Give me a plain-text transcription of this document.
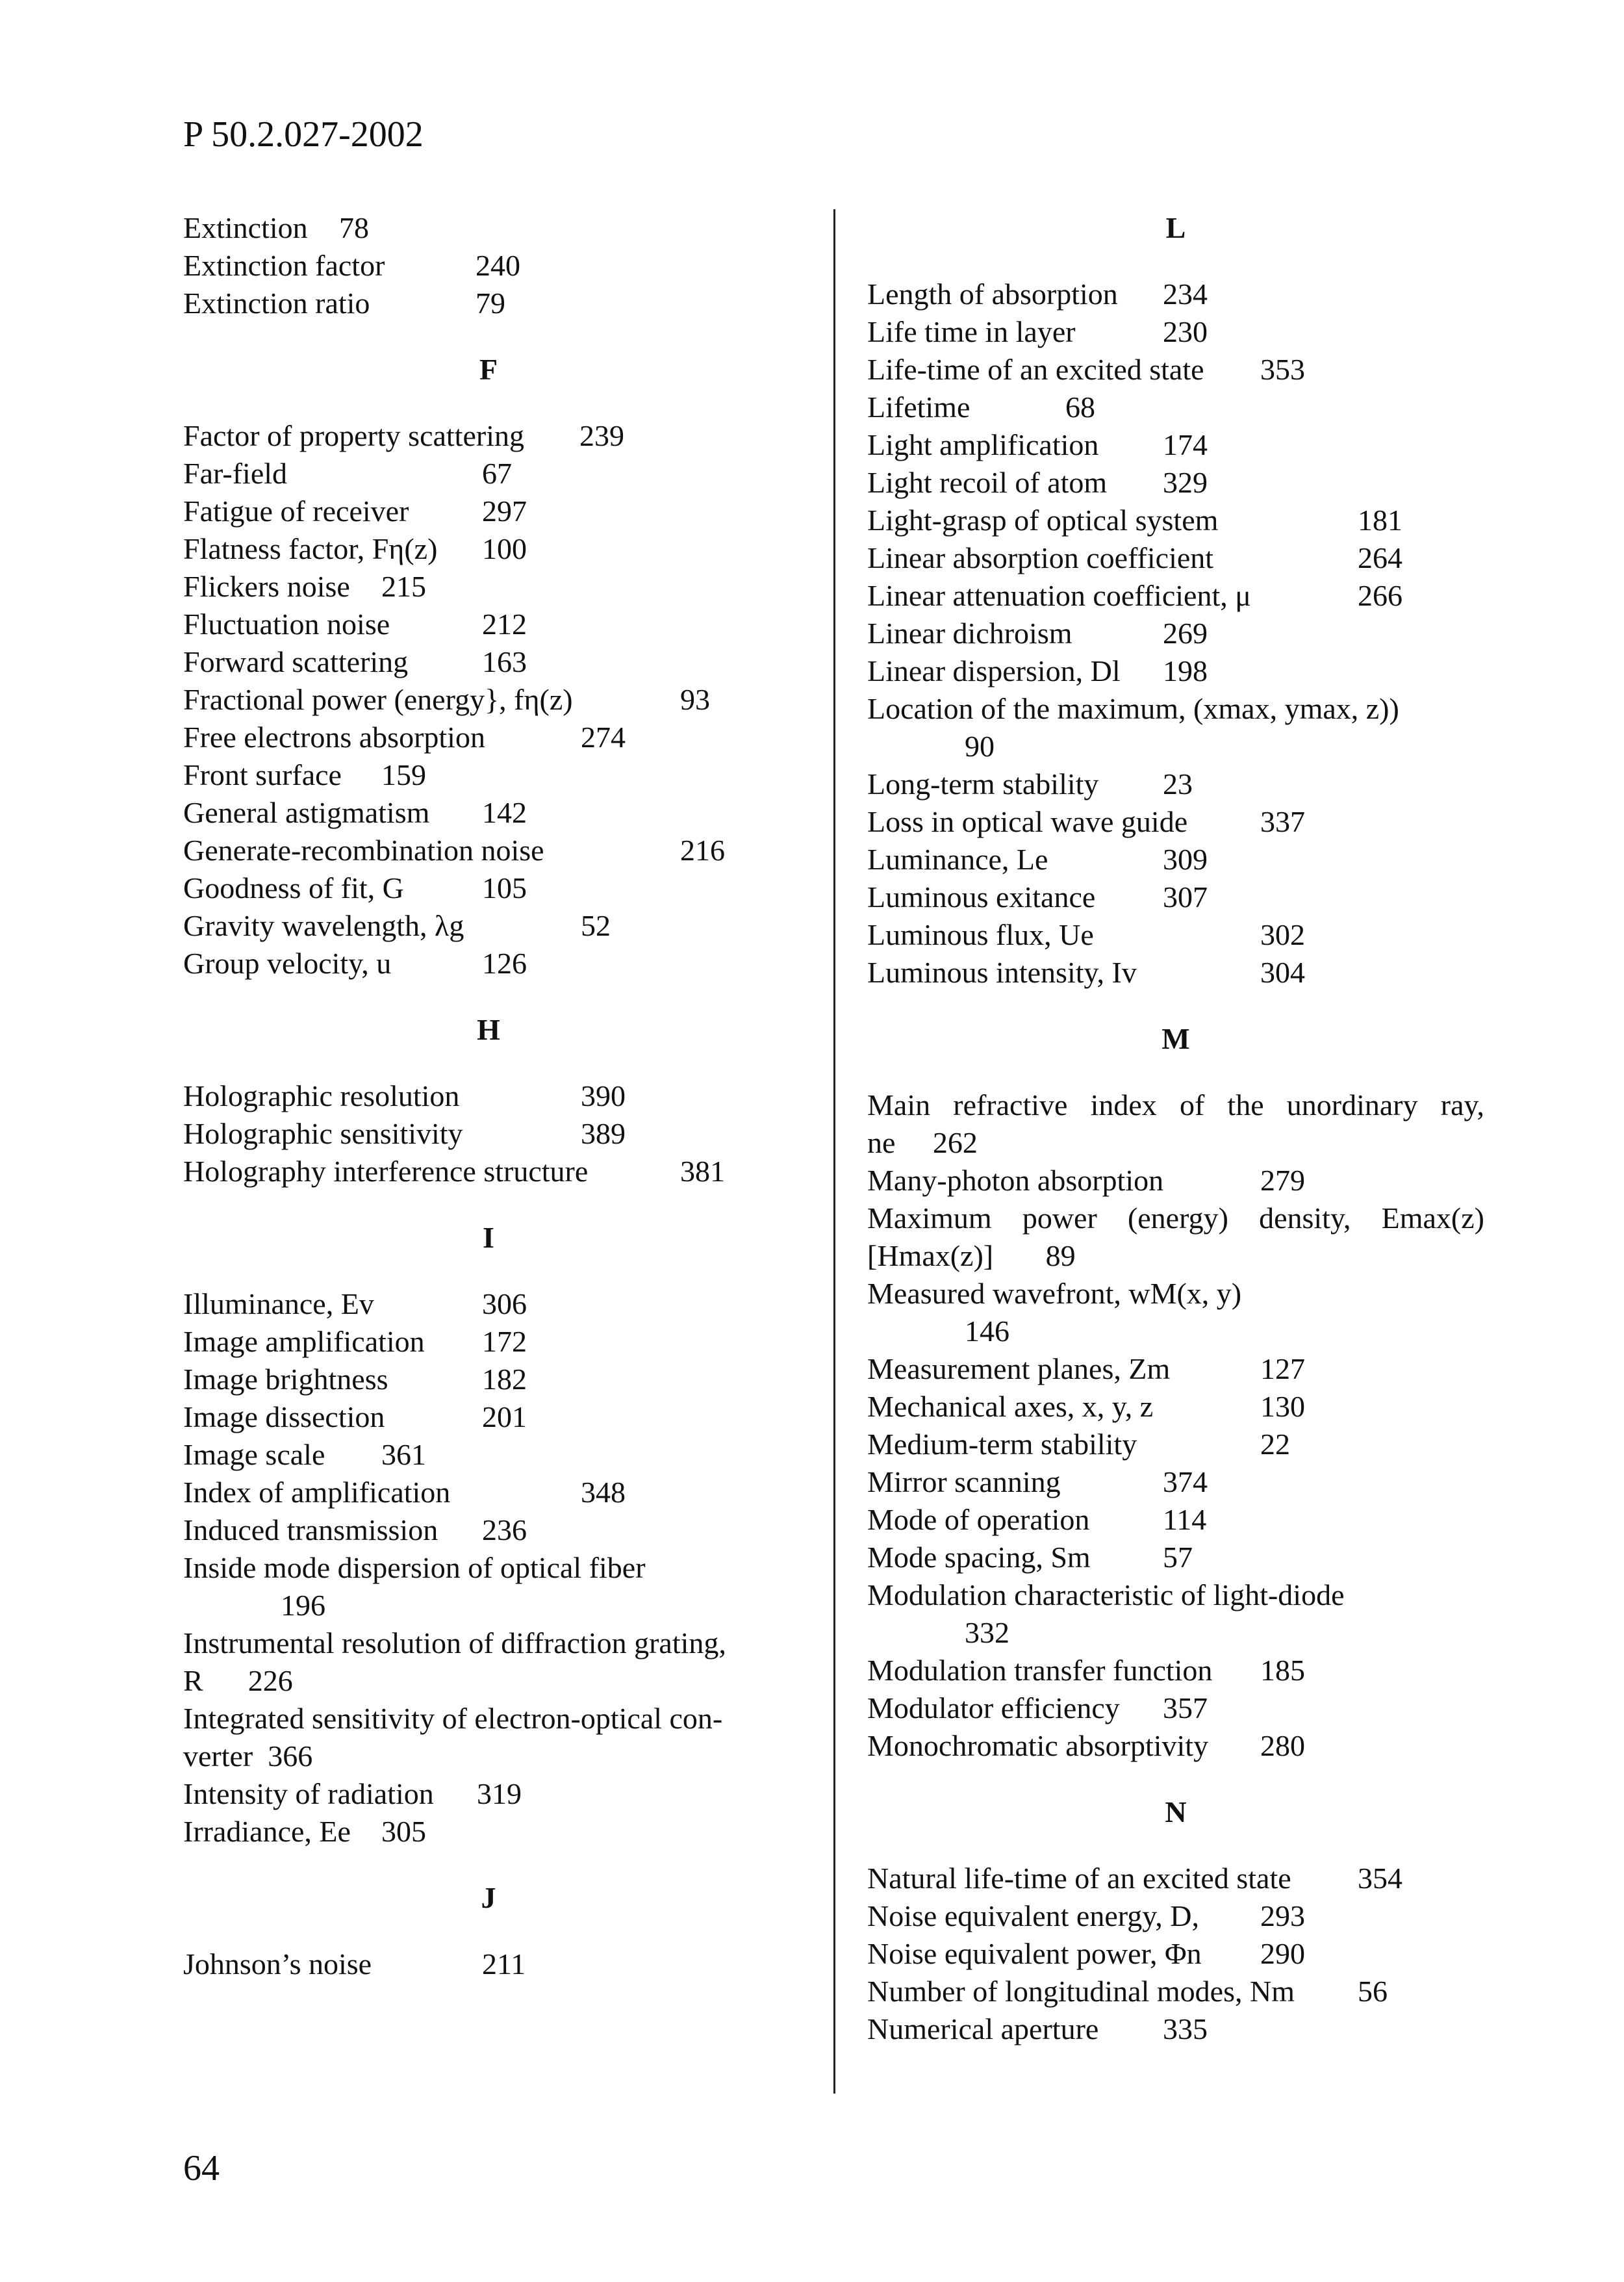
P 50.2.027-2002
Extinction 78
Extinction factor	240
Extinction ratio	79
F
Factor of property scattering 239
Far-field	67
Fatigue of receiver 297
Flatness factor, Fη(z) 100
Flickers noise 215
Fluctuation noise	212
Forward scattering 163
Fractional power (energy}, fη(z)	93
Free electrons absorption	274
Front surface 159
General astigmatism 142
Generate-recombination noise	216
Goodness of fit, G	105
Gravity wavelength, λg	52
Group velocity, u	126
H
Holographic resolution	390
Holographic sensitivity	389
Holography interference structure	381
I
Illuminance, Ev	306
Image amplification 172
Image brightness	182
Image dissection	201
Image scale 361
Index of amplification	348
Induced transmission 236
Inside mode dispersion of optical fiber
196
Instrumental resolution of diffraction grating, R 226
Integrated sensitivity of electron-optical con-verter 366
Intensity of radiation 319
Irradiance, Ee 305
J
Johnson’s noise	211
L
Length of absorption 234
Life time in layer	230
Life-time of an excited state 353
Lifetime	68
Light amplification 174
Light recoil of atom 329
Light-grasp of optical system	181
Linear absorption coefficient	264
Linear attenuation coefficient, μ	266
Linear dichroism	269
Linear dispersion, Dl 198
Location of the maximum, (xmax, ymax, z))
90
Long-term stability 23
Loss in optical wave guide 337
Luminance, Le	309
Luminous exitance 307
Luminous flux, Ue	302
Luminous intensity, Iv	304
M
Main refractive index of the unordinary ray, ne 262
Many-photon absorption	279
Maximum power (energy) density, Emax(z) [Hmax(z)] 89
Measured wavefront, wM(x, y)
146
Measurement planes, Zm	127
Mechanical axes, x, y, z	130
Medium-term stability	22
Mirror scanning	374
Mode of operation 114
Mode spacing, Sm 57
Modulation characteristic of light-diode
332
Modulation transfer function 185
Modulator efficiency 357
Monochromatic absorptivity 280
N
Natural life-time of an excited state 354
Noise equivalent energy, D, 293
Noise equivalent power, Φn 290
Number of longitudinal modes, Nm 56
Numerical aperture 335
64
